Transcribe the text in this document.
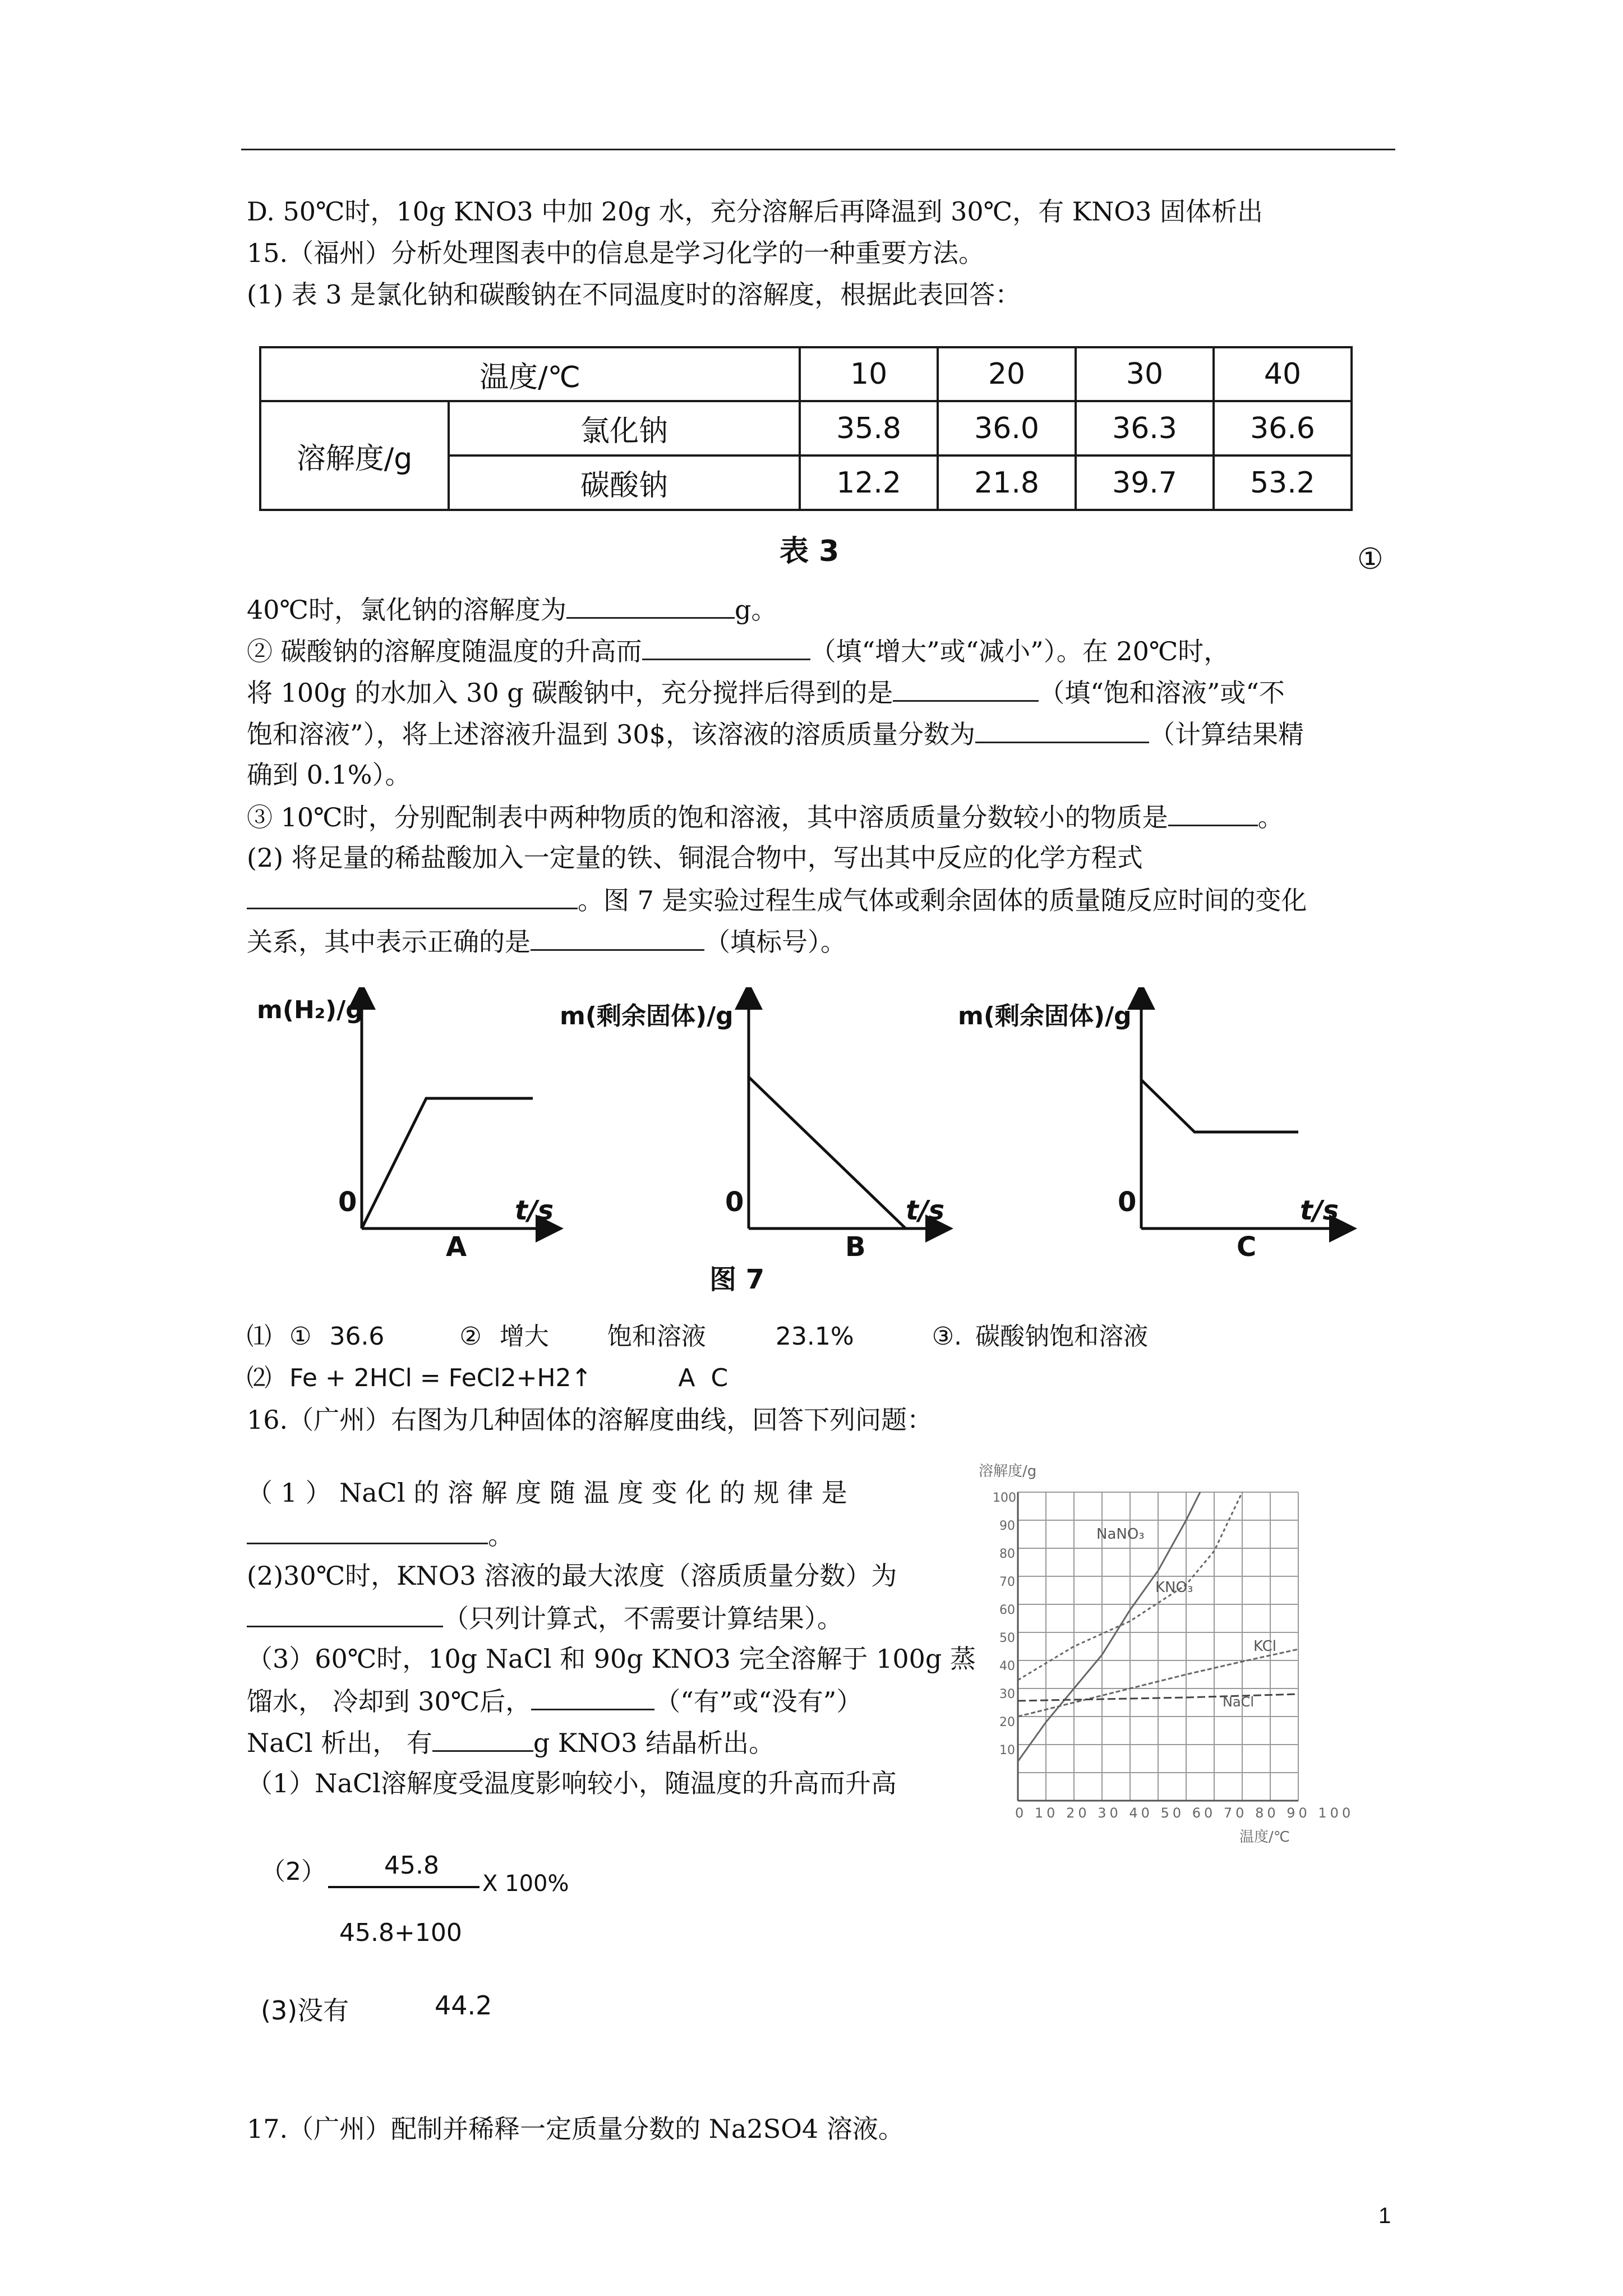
D. 50℃时，10g KNO3 中加 20g 水，充分溶解后再降温到 30℃，有 KNO3 固体析出
15.（福州）分析处理图表中的信息是学习化学的一种重要方法。
(1) 表 3 是氯化钠和碳酸钠在不同温度时的溶解度，根据此表回答：
温度/℃		10	20	30	40
溶解度/g	氯化钠	35.8	36.0	36.3	36.6
	碳酸钠	12.2	21.8	39.7	53.2
表 3	①
40℃时，氯化钠的溶解度为	g。
② 碳酸钠的溶解度随温度的升高而	（填“增大”或“减小”）。在 20℃时，
将 100g 的水加入 30 g 碳酸钠中，充分搅拌后得到的是	（填“饱和溶液”或“不
饱和溶液”），将上述溶液升温到 30$，该溶液的溶质质量分数为	（计算结果精
确到 0.1%）。
③ 10℃时，分别配制表中两种物质的饱和溶液，其中溶质质量分数较小的物质是	。
(2) 将足量的稀盐酸加入一定量的铁、铜混合物中，写出其中反应的化学方程式
。图 7 是实验过程生成气体或剩余固体的质量随反应时间的变化
关系，其中表示正确的是	（填标号）。
m(H₂)/g	m(剩余固体)/g	m(剩余固体)/g
0	0	0
t/s	t/s	t/s
A	B	C
图 7
⑴ ① 36.6	② 增大 饱和溶液	23.1%	③. 碳酸钠饱和溶液
⑵ Fe + 2HCl = FeCl2+H2↑	A  C
16.（广州）右图为几种固体的溶解度曲线，回答下列问题：
（ 1 ） NaCl 的 溶 解 度 随 温 度 变 化 的 规 律 是
。
(2)30℃时，KNO3 溶液的最大浓度（溶质质量分数）为
（只列计算式，不需要计算结果）。
（3）60℃时，10g NaCl 和 90g KNO3 完全溶解于 100g 蒸
馏水， 冷却到 30℃后，	（“有”或“没有”）
NaCl 析出， 有	g KNO3 结晶析出。
（1）NaCl溶解度受温度影响较小，随温度的升高而升高
（2） 45.8
X 100%
45.8+100
(3)没有	44.2
溶解度/g
100
90
80
70
60
50
40
30
20
10
0 10 20 30 40 50 60 70 80 90 100
温度/℃
NaNO₃
KNO₃
KCl
NaCl
17.（广州）配制并稀释一定质量分数的 Na2SO4 溶液。
1
